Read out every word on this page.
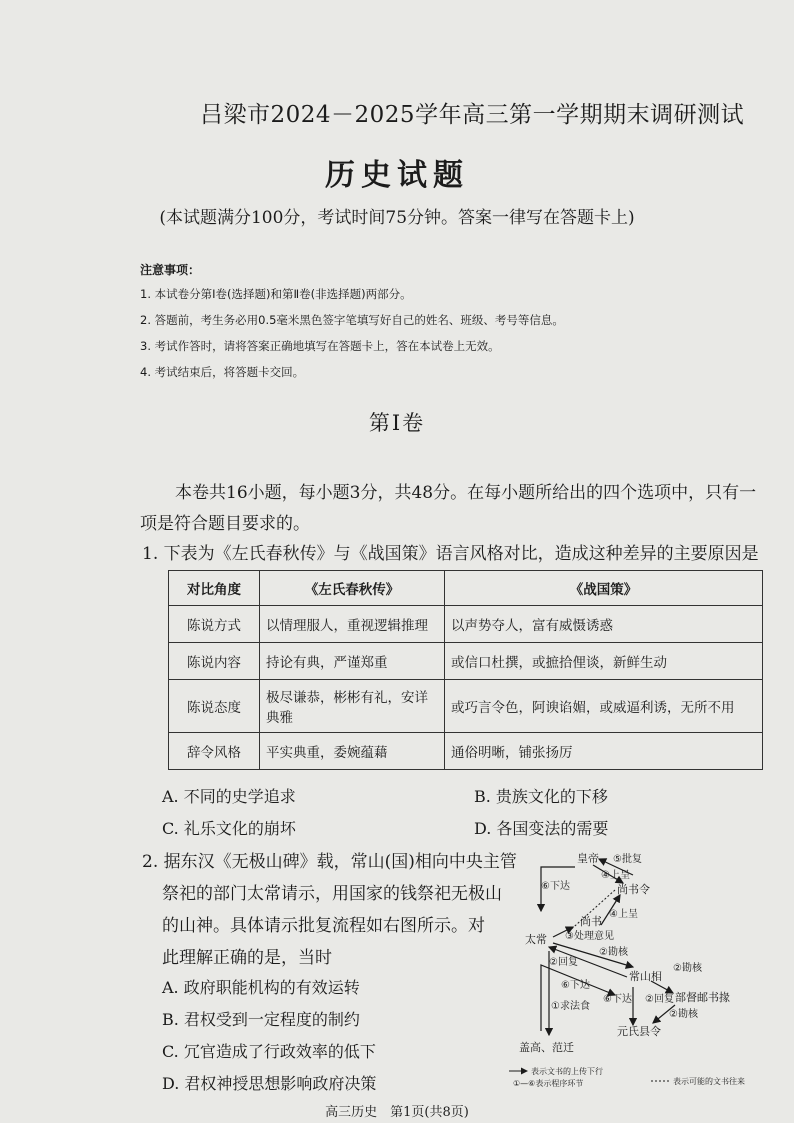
吕梁市2024－2025学年高三第一学期期末调研测试
历史试题
(本试题满分100分，考试时间75分钟。答案一律写在答题卡上)
注意事项：
1. 本试卷分第Ⅰ卷(选择题)和第Ⅱ卷(非选择题)两部分。
2. 答题前，考生务必用0.5毫米黑色签字笔填写好自己的姓名、班级、考号等信息。
3. 考试作答时，请将答案正确地填写在答题卡上，答在本试卷上无效。
4. 考试结束后，将答题卡交回。
第Ⅰ卷
本卷共16小题，每小题3分，共48分。在每小题所给出的四个选项中，只有一
项是符合题目要求的。
1. 下表为《左氏春秋传》与《战国策》语言风格对比，造成这种差异的主要原因是
对比角度	《左氏春秋传》	《战国策》
陈说方式	以情理服人，重视逻辑推理	以声势夺人，富有威慑诱惑
陈说内容	持论有典，严谨郑重	或信口杜撰，或摭拾俚谈，新鲜生动
陈说态度	极尽谦恭，彬彬有礼，安详典雅	或巧言令色，阿谀谄媚，或威逼利诱，无所不用
辞令风格	平实典重，委婉蕴藉	通俗明晰，铺张扬厉
A. 不同的史学追求	B. 贵族文化的下移
C. 礼乐文化的崩坏	D. 各国变法的需要
2. 据东汉《无极山碑》载，常山(国)相向中央主管
祭祀的部门太常请示，用国家的钱祭祀无极山
的山神。具体请示批复流程如右图所示。对
此理解正确的是，当时
A. 政府职能机构的有效运转
B. 君权受到一定程度的制约
C. 冗官造成了行政效率的低下
D. 君权神授思想影响政府决策
皇帝
尚书令
尚书
太常
常山相
部督邮书掾
元氏县令
盖高、范迁
⑤批复
④上呈
⑥下达
④上呈
③处理意见
②勘核
②回复
②勘核
⑥下达
⑥下达
①求法食
②回复
②勘核
表示文书的上传下行
①—⑥表示程序环节	表示可能的文书往来
高三历史　第1页(共8页)
